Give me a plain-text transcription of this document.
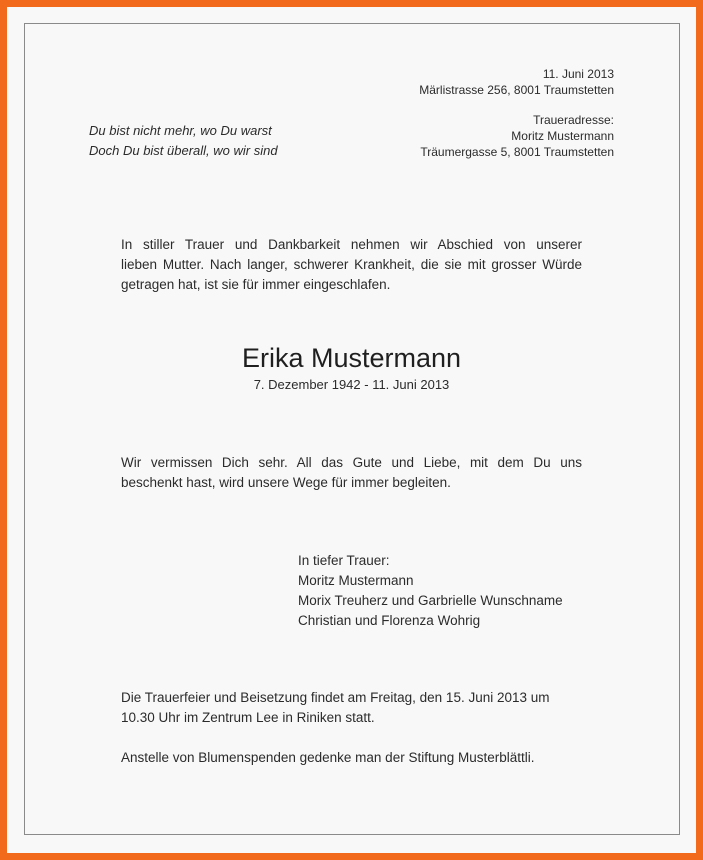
11. Juni 2013
Märlistrasse 256, 8001 Traumstetten
Traueradresse:
Moritz Mustermann
Träumergasse 5, 8001 Traumstetten
Du bist nicht mehr, wo Du warst
Doch Du bist überall, wo wir sind
In stiller Trauer und Dankbarkeit nehmen wir Abschied von unserer
lieben Mutter. Nach langer, schwerer Krankheit, die sie mit grosser Würde
getragen hat, ist sie für immer eingeschlafen.
Erika Mustermann
7. Dezember 1942 - 11. Juni 2013
Wir vermissen Dich sehr. All das Gute und Liebe, mit dem Du uns
beschenkt hast, wird unsere Wege für immer begleiten.
In tiefer Trauer:
Moritz Mustermann
Morix Treuherz und Garbrielle Wunschname
Christian und Florenza Wohrig
Die Trauerfeier und Beisetzung findet am Freitag, den 15. Juni 2013 um
10.30 Uhr im Zentrum Lee in Riniken statt.
Anstelle von Blumenspenden gedenke man der Stiftung Musterblättli.
